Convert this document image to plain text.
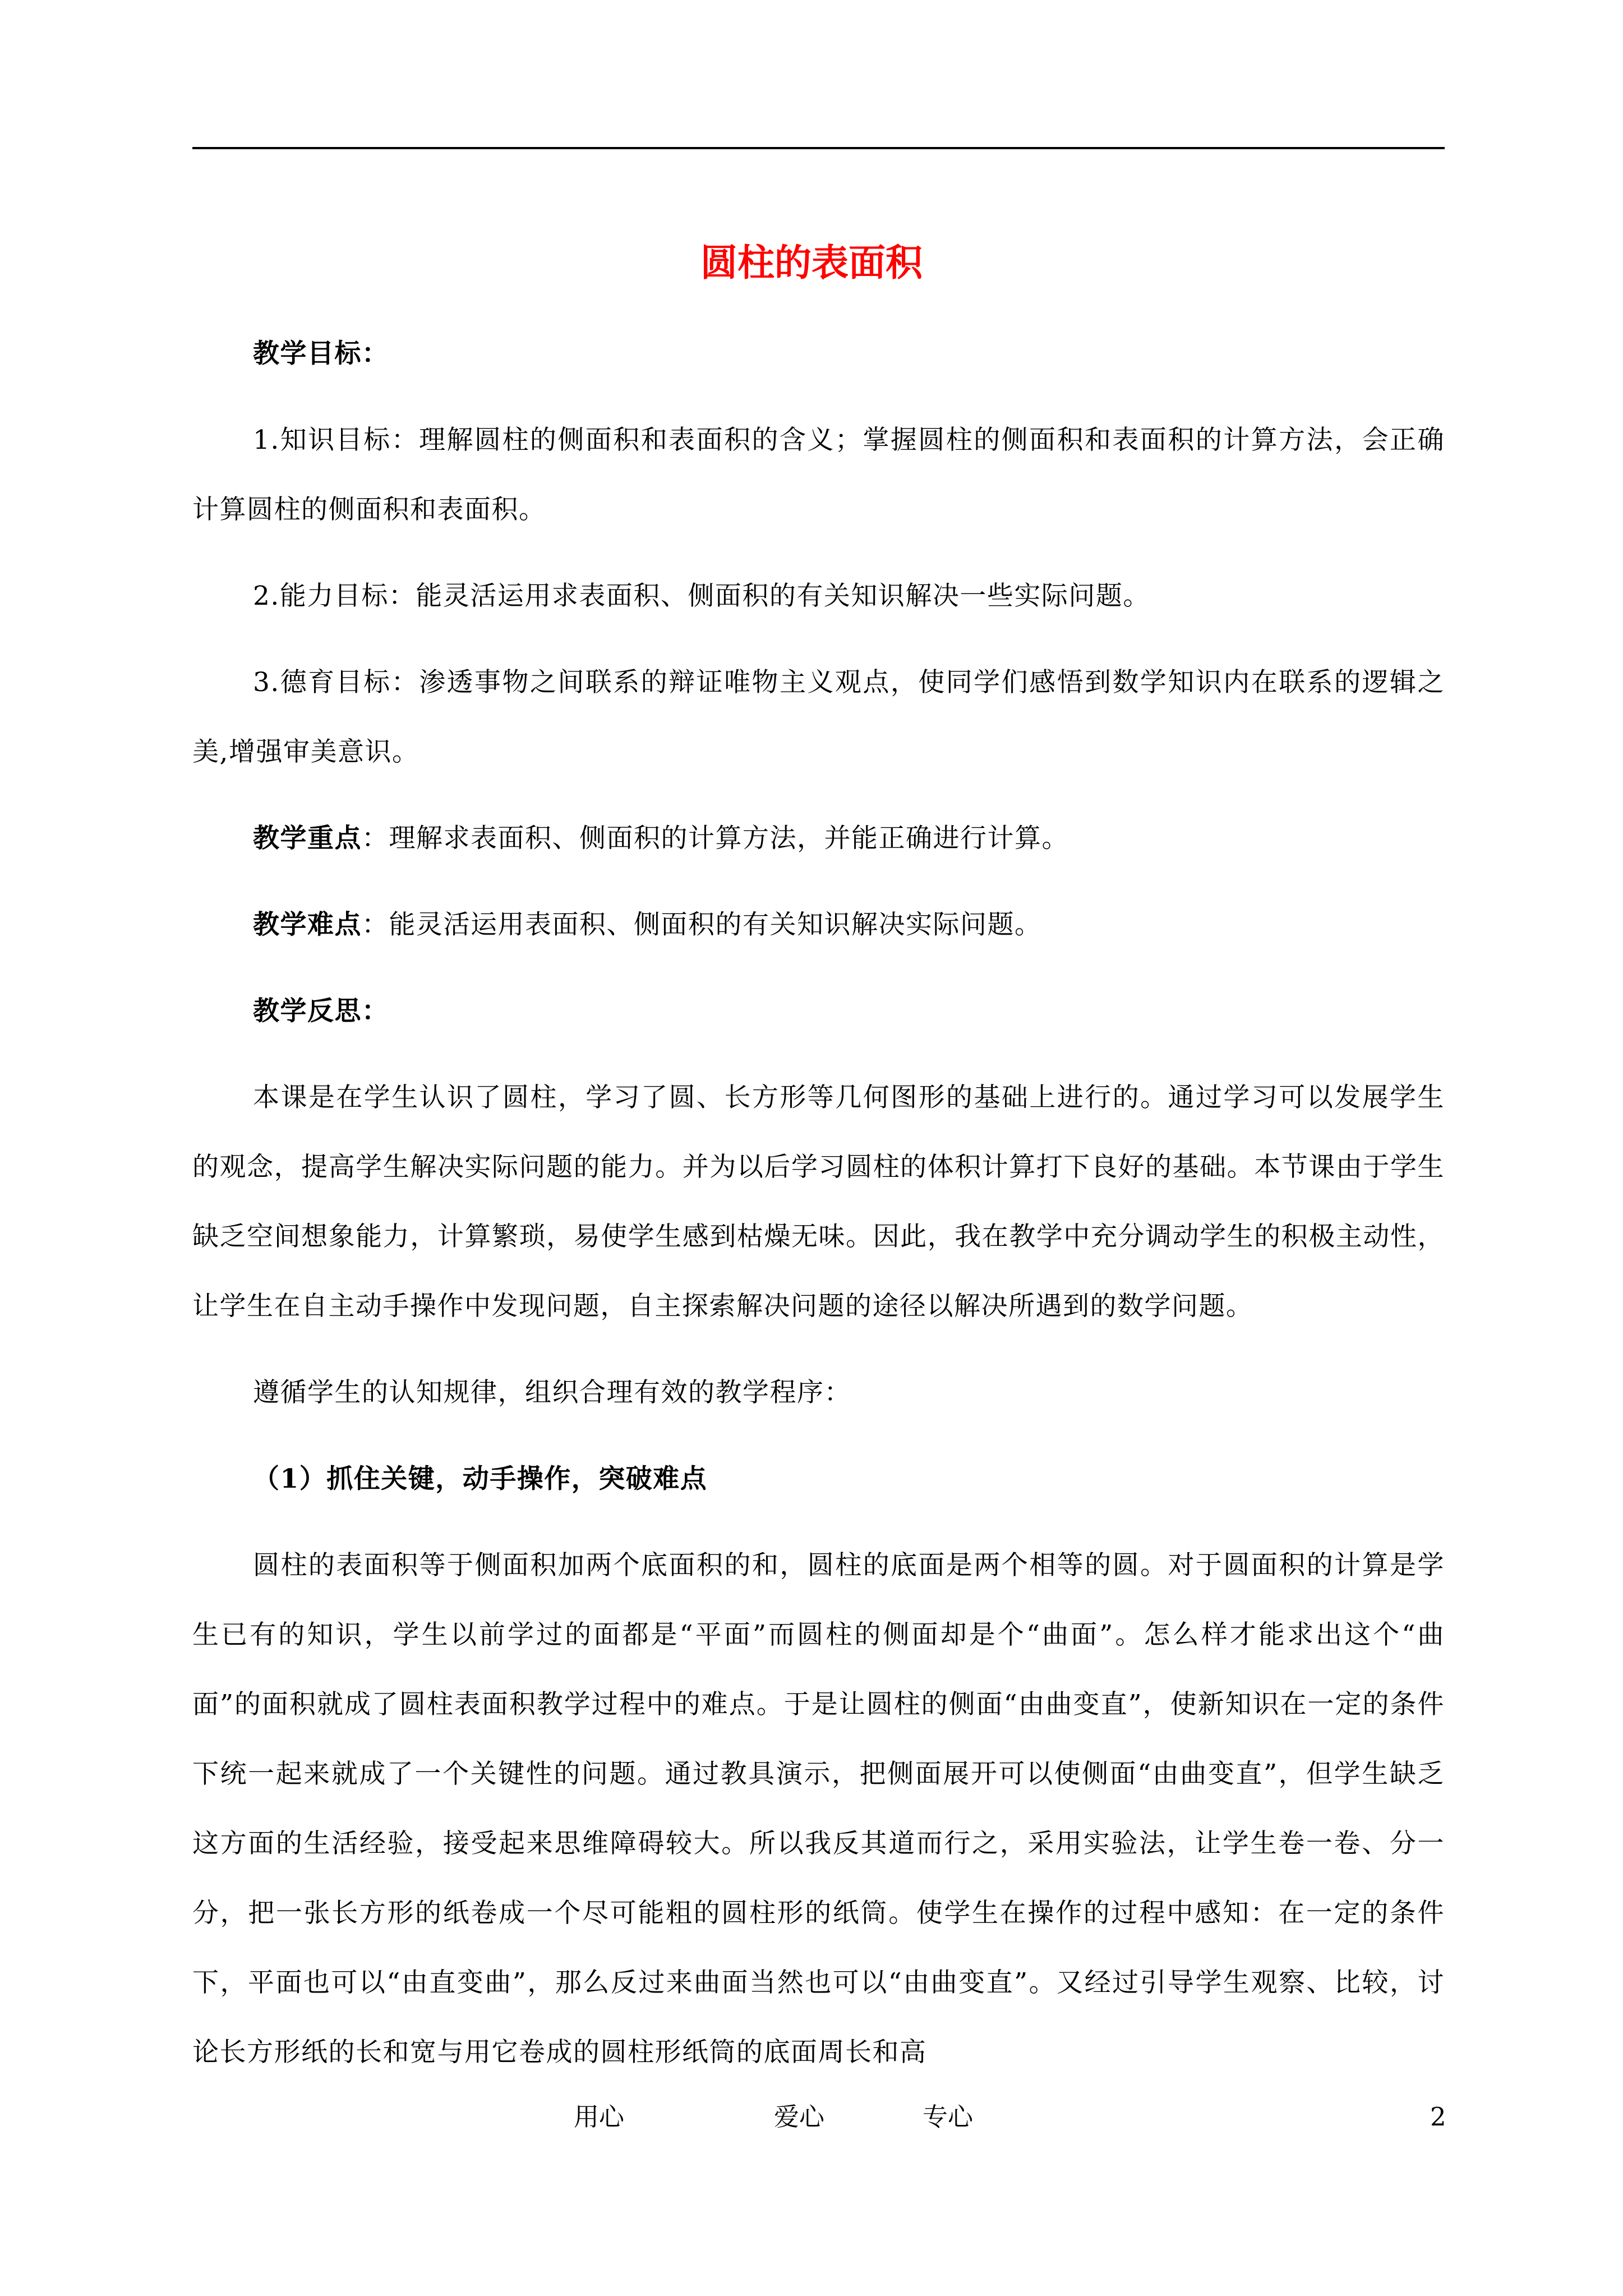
圆柱的表面积

教学目标：

1.知识目标：理解圆柱的侧面积和表面积的含义；掌握圆柱的侧面积和表面积的计算方法，会正确计算圆柱的侧面积和表面积。

2.能力目标：能灵活运用求表面积、侧面积的有关知识解决一些实际问题。

3.德育目标：渗透事物之间联系的辩证唯物主义观点，使同学们感悟到数学知识内在联系的逻辑之美,增强审美意识。

教学重点：理解求表面积、侧面积的计算方法，并能正确进行计算。

教学难点：能灵活运用表面积、侧面积的有关知识解决实际问题。

教学反思：

本课是在学生认识了圆柱，学习了圆、长方形等几何图形的基础上进行的。通过学习可以发展学生的观念，提高学生解决实际问题的能力。并为以后学习圆柱的体积计算打下良好的基础。本节课由于学生缺乏空间想象能力，计算繁琐，易使学生感到枯燥无味。因此，我在教学中充分调动学生的积极主动性，让学生在自主动手操作中发现问题，自主探索解决问题的途径以解决所遇到的数学问题。

遵循学生的认知规律，组织合理有效的教学程序：

（1）抓住关键，动手操作，突破难点

圆柱的表面积等于侧面积加两个底面积的和，圆柱的底面是两个相等的圆。对于圆面积的计算是学生已有的知识，学生以前学过的面都是“平面”而圆柱的侧面却是个“曲面”。怎么样才能求出这个“曲面”的面积就成了圆柱表面积教学过程中的难点。于是让圆柱的侧面“由曲变直”，使新知识在一定的条件下统一起来就成了一个关键性的问题。通过教具演示，把侧面展开可以使侧面“由曲变直”，但学生缺乏这方面的生活经验，接受起来思维障碍较大。所以我反其道而行之，采用实验法，让学生卷一卷、分一分，把一张长方形的纸卷成一个尽可能粗的圆柱形的纸筒。使学生在操作的过程中感知：在一定的条件下，平面也可以“由直变曲”，那么反过来曲面当然也可以“由曲变直”。又经过引导学生观察、比较，讨论长方形纸的长和宽与用它卷成的圆柱形纸筒的底面周长和高

用心	爱心	专心	2
